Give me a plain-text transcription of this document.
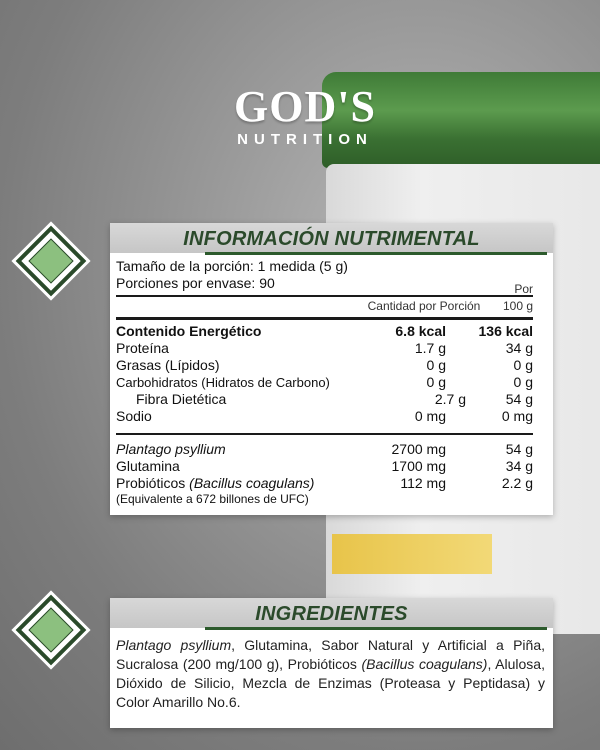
GOD'S
NUTRITION
INFORMACIÓN NUTRIMENTAL
Tamaño de la porción: 1 medida (5 g)
Porciones por envase: 90
Cantidad por Porción
Por 100 g
Contenido Energético	6.8 kcal	136 kcal
Proteína	1.7 g	34 g
Grasas (Lípidos)	0 g	0 g
Carbohidratos (Hidratos de Carbono)	0 g	0 g
Fibra Dietética	2.7 g	54 g
Sodio	0 mg	0 mg
Plantago psyllium	2700 mg	54 g
Glutamina	1700 mg	34 g
Probióticos (Bacillus coagulans)	112 mg	2.2 g
(Equivalente a 672 billones de UFC)
INGREDIENTES
Plantago psyllium, Glutamina, Sabor Natural y Artificial a Piña, Sucralosa (200 mg/100 g), Probióticos (Bacillus coagulans), Alulosa, Dióxido de Silicio, Mezcla de Enzimas (Proteasa y Peptidasa) y Color Amarillo No.6.
